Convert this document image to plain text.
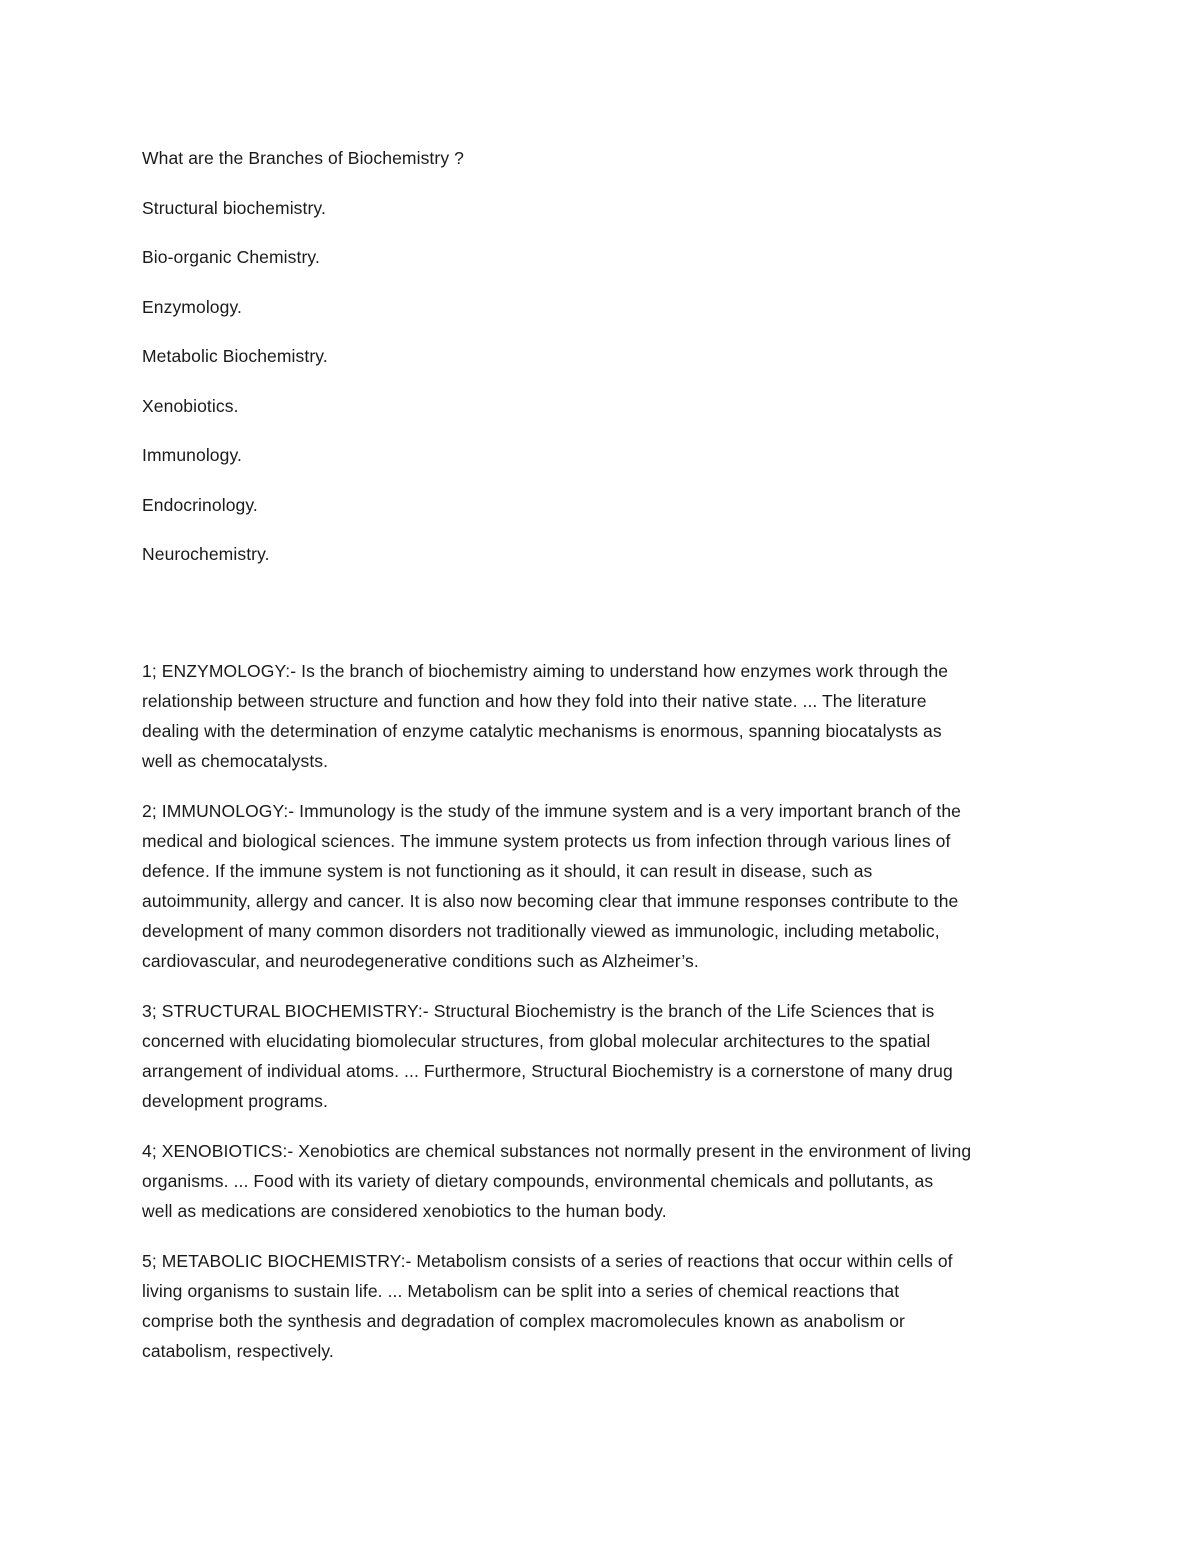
What are the Branches of Biochemistry ?

Structural biochemistry.

Bio-organic Chemistry.

Enzymology.

Metabolic Biochemistry.

Xenobiotics.

Immunology.

Endocrinology.

Neurochemistry.

1; ENZYMOLOGY:- Is the branch of biochemistry aiming to understand how enzymes work through the

relationship between structure and function and how they fold into their native state. ... The literature

dealing with the determination of enzyme catalytic mechanisms is enormous, spanning biocatalysts as

well as chemocatalysts.

2; IMMUNOLOGY:- Immunology is the study of the immune system and is a very important branch of the

medical and biological sciences. The immune system protects us from infection through various lines of

defence. If the immune system is not functioning as it should, it can result in disease, such as

autoimmunity, allergy and cancer. It is also now becoming clear that immune responses contribute to the

development of many common disorders not traditionally viewed as immunologic, including metabolic,

cardiovascular, and neurodegenerative conditions such as Alzheimer’s.

3; STRUCTURAL BIOCHEMISTRY:- Structural Biochemistry is the branch of the Life Sciences that is

concerned with elucidating biomolecular structures, from global molecular architectures to the spatial

arrangement of individual atoms. ... Furthermore, Structural Biochemistry is a cornerstone of many drug

development programs.

4; XENOBIOTICS:- Xenobiotics are chemical substances not normally present in the environment of living

organisms. ... Food with its variety of dietary compounds, environmental chemicals and pollutants, as

well as medications are considered xenobiotics to the human body.

5; METABOLIC BIOCHEMISTRY:- Metabolism consists of a series of reactions that occur within cells of

living organisms to sustain life. ... Metabolism can be split into a series of chemical reactions that

comprise both the synthesis and degradation of complex macromolecules known as anabolism or

catabolism, respectively.
